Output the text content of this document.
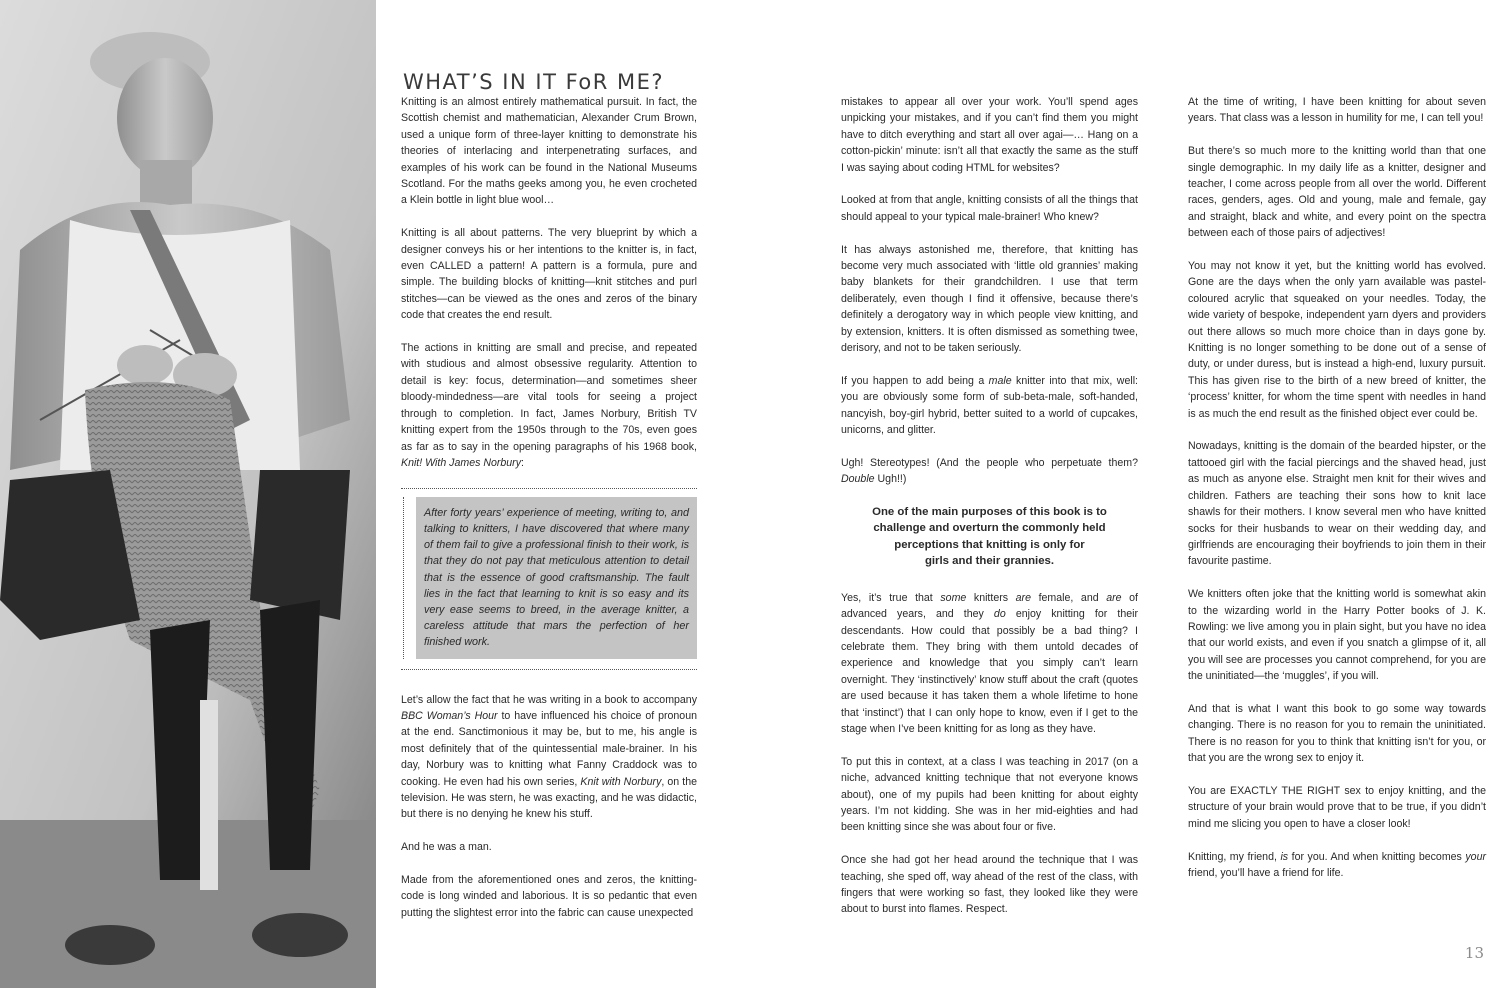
WHAT’S IN IT FoR ME?

Knitting is an almost entirely mathematical pursuit. In fact, the Scottish chemist and mathematician, Alexander Crum Brown, used a unique form of three-layer knitting to demonstrate his theories of interlacing and interpenetrating surfaces, and examples of his work can be found in the National Museums Scotland. For the maths geeks among you, he even crocheted a Klein bottle in light blue wool…

Knitting is all about patterns. The very blueprint by which a designer conveys his or her intentions to the knitter is, in fact, even CALLED a pattern! A pattern is a formula, pure and simple. The building blocks of knitting—knit stitches and purl stitches—can be viewed as the ones and zeros of the binary code that creates the end result.

The actions in knitting are small and precise, and repeated with studious and almost obsessive regularity. Attention to detail is key: focus, determination—and sometimes sheer bloody-mindedness—are vital tools for seeing a project through to completion. In fact, James Norbury, British TV knitting expert from the 1950s through to the 70s, even goes as far as to say in the opening paragraphs of his 1968 book, Knit! With James Norbury:

After forty years’ experience of meeting, writing to, and talking to knitters, I have discovered that where many of them fail to give a professional finish to their work, is that they do not pay that meticulous attention to detail that is the essence of good craftsmanship. The fault lies in the fact that learning to knit is so easy and its very ease seems to breed, in the average knitter, a careless attitude that mars the perfection of her finished work.

Let’s allow the fact that he was writing in a book to accompany BBC Woman’s Hour to have influenced his choice of pronoun at the end. Sanctimonious it may be, but to me, his angle is most definitely that of the quintessential male-brainer. In his day, Norbury was to knitting what Fanny Craddock was to cooking. He even had his own series, Knit with Norbury, on the television. He was stern, he was exacting, and he was didactic, but there is no denying he knew his stuff.

And he was a man.

Made from the aforementioned ones and zeros, the knitting-code is long winded and laborious. It is so pedantic that even putting the slightest error into the fabric can cause unexpected

mistakes to appear all over your work. You’ll spend ages unpicking your mistakes, and if you can’t find them you might have to ditch everything and start all over agai—… Hang on a cotton-pickin’ minute: isn’t all that exactly the same as the stuff I was saying about coding HTML for websites?

Looked at from that angle, knitting consists of all the things that should appeal to your typical male-brainer! Who knew?

It has always astonished me, therefore, that knitting has become very much associated with ‘little old grannies’ making baby blankets for their grandchildren. I use that term deliberately, even though I find it offensive, because there’s definitely a derogatory way in which people view knitting, and by extension, knitters. It is often dismissed as something twee, derisory, and not to be taken seriously.

If you happen to add being a male knitter into that mix, well: you are obviously some form of sub-beta-male, soft-handed, nancyish, boy-girl hybrid, better suited to a world of cupcakes, unicorns, and glitter.

Ugh! Stereotypes! (And the people who perpetuate them? Double Ugh!!)

One of the main purposes of this book is to
challenge and overturn the commonly held
perceptions that knitting is only for
girls and their grannies.

Yes, it’s true that some knitters are female, and are of advanced years, and they do enjoy knitting for their descendants. How could that possibly be a bad thing? I celebrate them. They bring with them untold decades of experience and knowledge that you simply can’t learn overnight. They ‘instinctively’ know stuff about the craft (quotes are used because it has taken them a whole lifetime to hone that ‘instinct’) that I can only hope to know, even if I get to the stage when I’ve been knitting for as long as they have.

To put this in context, at a class I was teaching in 2017 (on a niche, advanced knitting technique that not everyone knows about), one of my pupils had been knitting for about eighty years. I’m not kidding. She was in her mid-eighties and had been knitting since she was about four or five.

Once she had got her head around the technique that I was teaching, she sped off, way ahead of the rest of the class, with fingers that were working so fast, they looked like they were about to burst into flames. Respect.

At the time of writing, I have been knitting for about seven years. That class was a lesson in humility for me, I can tell you!

But there’s so much more to the knitting world than that one single demographic. In my daily life as a knitter, designer and teacher, I come across people from all over the world. Different races, genders, ages. Old and young, male and female, gay and straight, black and white, and every point on the spectra between each of those pairs of adjectives!

You may not know it yet, but the knitting world has evolved. Gone are the days when the only yarn available was pastel-coloured acrylic that squeaked on your needles. Today, the wide variety of bespoke, independent yarn dyers and providers out there allows so much more choice than in days gone by. Knitting is no longer something to be done out of a sense of duty, or under duress, but is instead a high-end, luxury pursuit. This has given rise to the birth of a new breed of knitter, the ‘process’ knitter, for whom the time spent with needles in hand is as much the end result as the finished object ever could be.

Nowadays, knitting is the domain of the bearded hipster, or the tattooed girl with the facial piercings and the shaved head, just as much as anyone else. Straight men knit for their wives and children. Fathers are teaching their sons how to knit lace shawls for their mothers. I know several men who have knitted socks for their husbands to wear on their wedding day, and girlfriends are encouraging their boyfriends to join them in their favourite pastime.

We knitters often joke that the knitting world is somewhat akin to the wizarding world in the Harry Potter books of J. K. Rowling: we live among you in plain sight, but you have no idea that our world exists, and even if you snatch a glimpse of it, all you will see are processes you cannot comprehend, for you are the uninitiated—the ‘muggles’, if you will.

And that is what I want this book to go some way towards changing. There is no reason for you to remain the uninitiated. There is no reason for you to think that knitting isn’t for you, or that you are the wrong sex to enjoy it.

You are EXACTLY THE RIGHT sex to enjoy knitting, and the structure of your brain would prove that to be true, if you didn’t mind me slicing you open to have a closer look!

Knitting, my friend, is for you. And when knitting becomes your friend, you’ll have a friend for life.

13
